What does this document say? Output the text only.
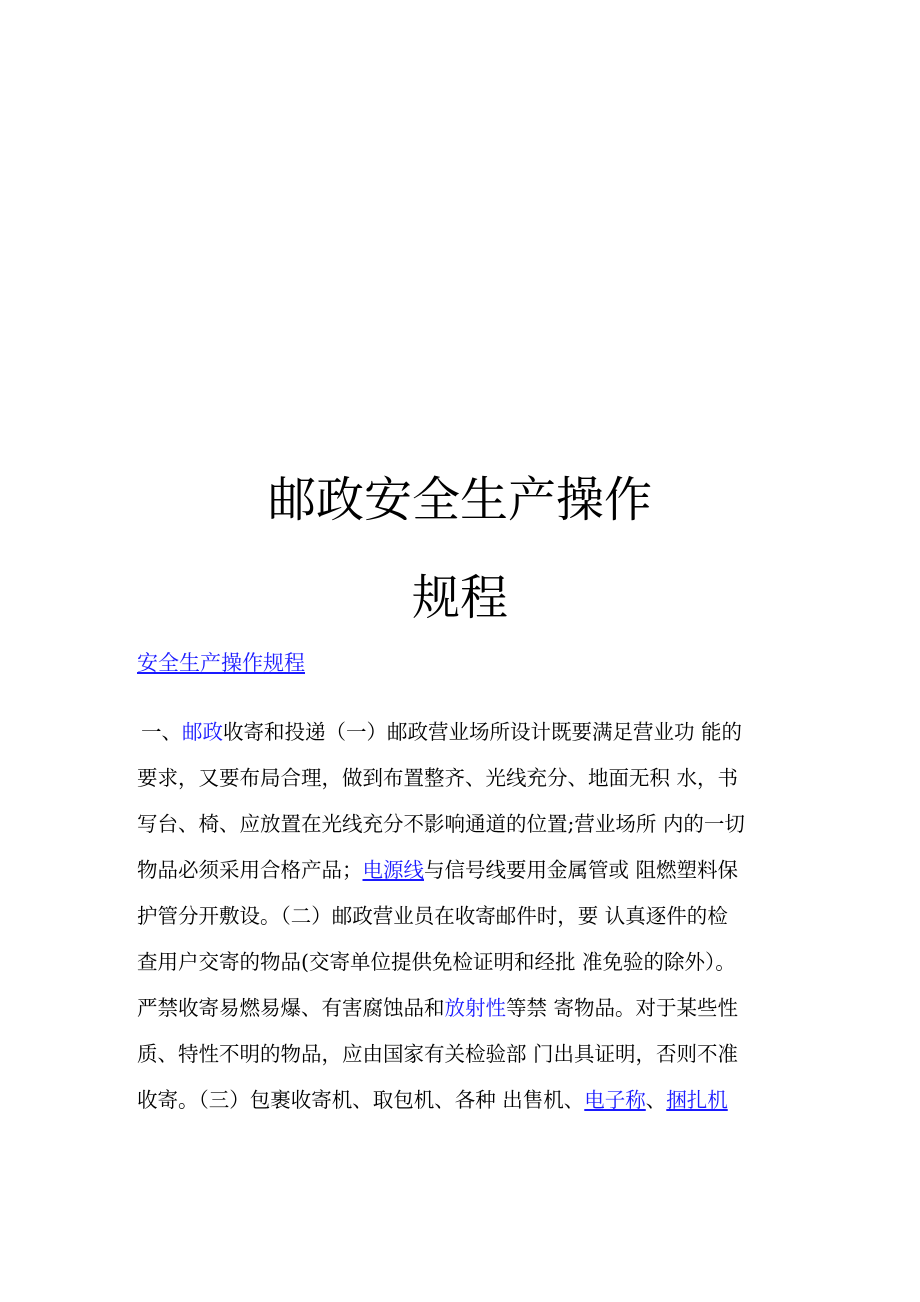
邮政安全生产操作
规程
安全生产操作规程
一、邮政收寄和投递（一）邮政营业场所设计既要满足营业功 能的
要求，又要布局合理，做到布置整齐、光线充分、地面无积 水，书
写台、椅、应放置在光线充分不影响通道的位置;营业场所 内的一切
物品必须采用合格产品；电源线与信号线要用金属管或 阻燃塑料保
护管分开敷设。（二）邮政营业员在收寄邮件时，要 认真逐件的检
查用户交寄的物品(交寄单位提供免检证明和经批 准免验的除外）。
严禁收寄易燃易爆、有害腐蚀品和放射性等禁 寄物品。对于某些性
质、特性不明的物品，应由国家有关检验部 门出具证明，否则不准
收寄。（三）包裹收寄机、取包机、各种 出售机、电子称、捆扎机
